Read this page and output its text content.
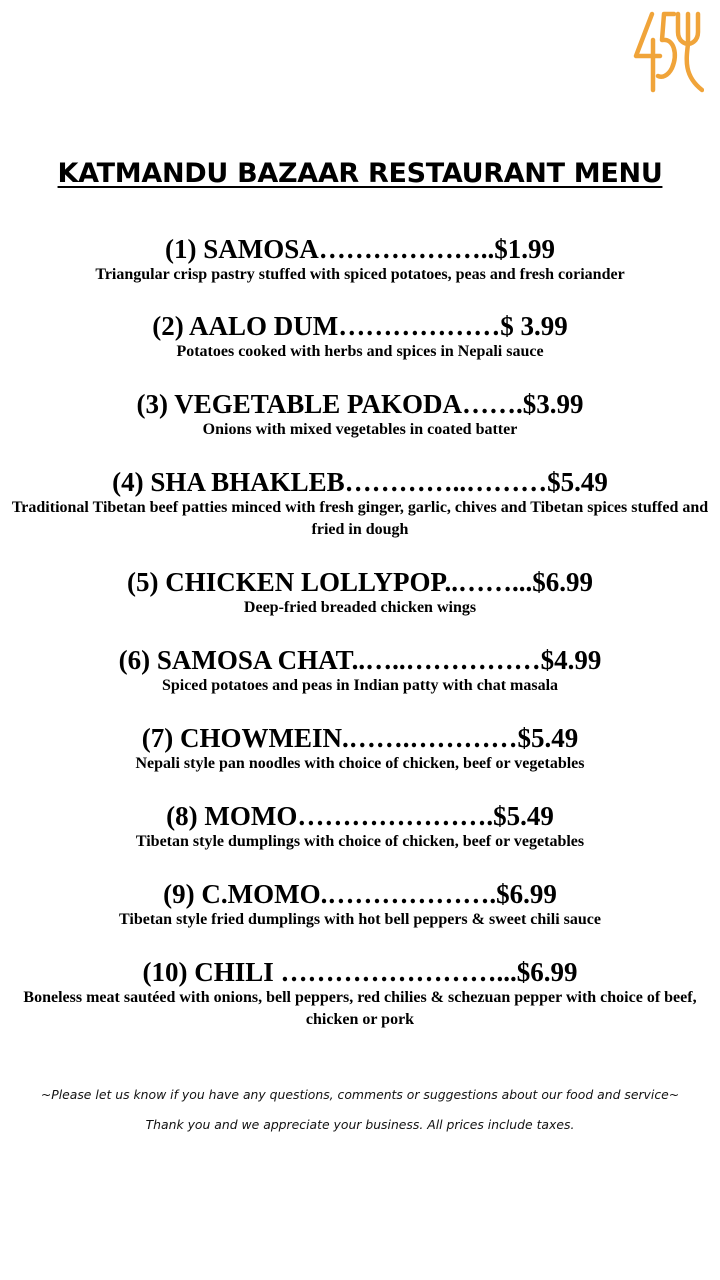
KATMANDU BAZAAR RESTAURANT MENU
(1) SAMOSA………………..$1.99
Triangular crisp pastry stuffed with spiced potatoes, peas and fresh coriander
(2) AALO DUM………………$ 3.99
Potatoes cooked with herbs and spices in Nepali sauce
(3) VEGETABLE PAKODA…….$3.99
Onions with mixed vegetables in coated batter
(4) SHA BHAKLEB…………..………$5.49
Traditional Tibetan beef patties minced with fresh ginger, garlic, chives and Tibetan spices stuffed and fried in dough
(5) CHICKEN LOLLYPOP..……...$6.99
Deep-fried breaded chicken wings
(6) SAMOSA CHAT..…..……………$4.99
Spiced potatoes and peas in Indian patty with chat masala
(7) CHOWMEIN.…….…………$5.49
Nepali style pan noodles with choice of chicken, beef or vegetables
(8) MOMO………………….$5.49
Tibetan style dumplings with choice of chicken, beef or vegetables
(9) C.MOMO.……………….$6.99
Tibetan style fried dumplings with hot bell peppers & sweet chili sauce
(10) CHILI ……………………...$6.99
Boneless meat sautéed with onions, bell peppers, red chilies & schezuan pepper with choice of beef, chicken or pork
~Please let us know if you have any questions, comments or suggestions about our food and service~
Thank you and we appreciate your business. All prices include taxes.
